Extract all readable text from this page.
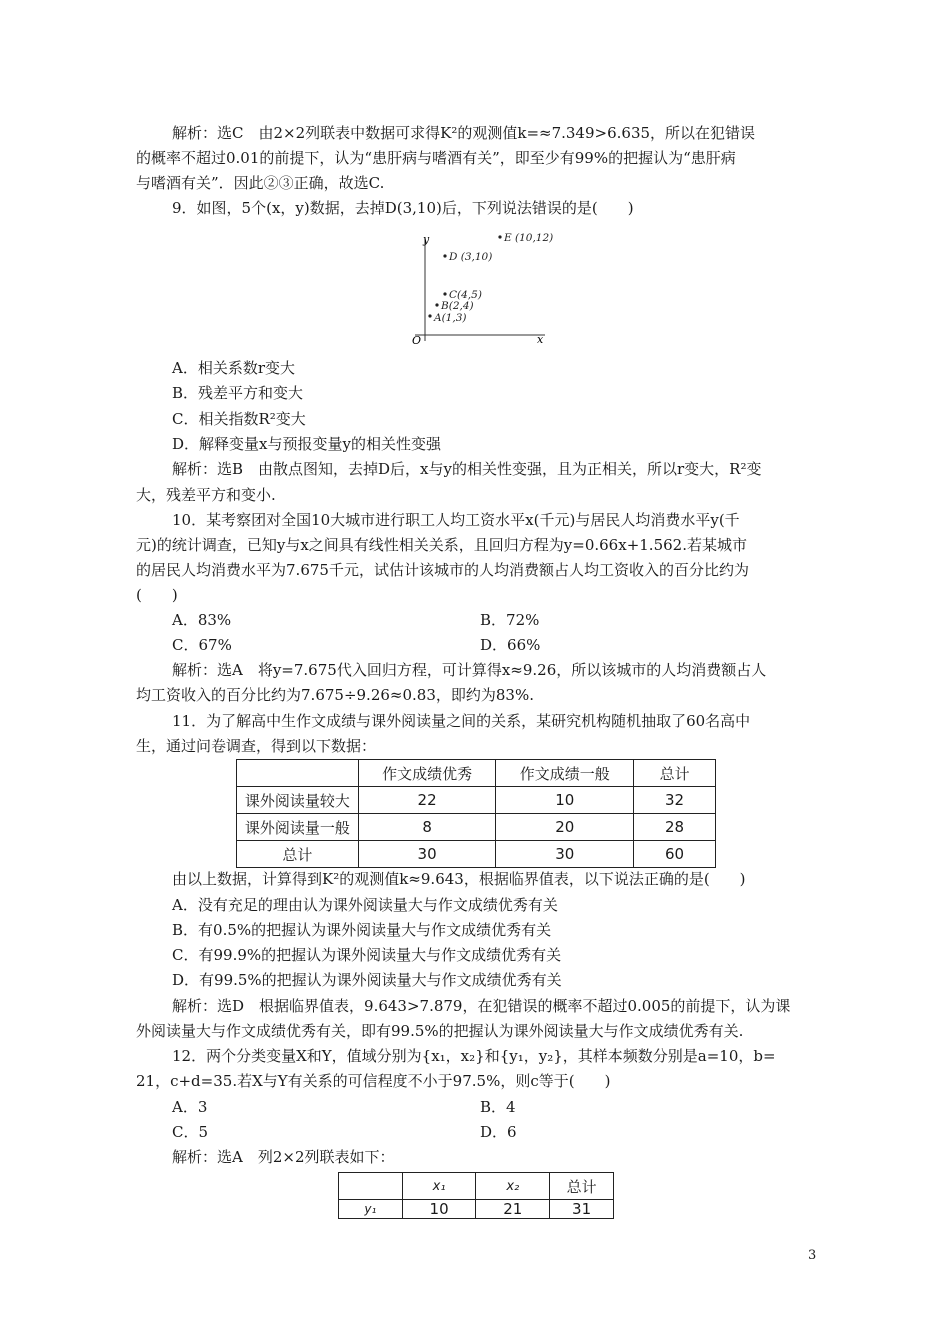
解析：选C　由2×2列联表中数据可求得K²的观测值k=≈7.349>6.635，所以在犯错误
的概率不超过0.01的前提下，认为“患肝病与嗜酒有关”，即至少有99%的把握认为“患肝病
与嗜酒有关”．因此②③正确，故选C.
9．如图，5个(x，y)数据，去掉D(3,10)后，下列说法错误的是(　　)
y
x
O
A(1,3)
B(2,4)
C(4,5)
D (3,10)
E (10,12)
A．相关系数r变大
B．残差平方和变大
C．相关指数R²变大
D．解释变量x与预报变量y的相关性变强
解析：选B　由散点图知，去掉D后，x与y的相关性变强，且为正相关，所以r变大，R²变
大，残差平方和变小.
10．某考察团对全国10大城市进行职工人均工资水平x(千元)与居民人均消费水平y(千
元)的统计调查，已知y与x之间具有线性相关关系，且回归方程为y=0.66x+1.562.若某城市
的居民人均消费水平为7.675千元，试估计该城市的人均消费额占人均工资收入的百分比约为
(　　)
A．83%	B．72%
C．67%	D．66%
解析：选A　将y=7.675代入回归方程，可计算得x≈9.26，所以该城市的人均消费额占人
均工资收入的百分比约为7.675÷9.26≈0.83，即约为83%.
11．为了解高中生作文成绩与课外阅读量之间的关系，某研究机构随机抽取了60名高中
生，通过问卷调查，得到以下数据：
	作文成绩优秀	作文成绩一般	总计
课外阅读量较大	22	10	32
课外阅读量一般	8	20	28
总计	30	30	60
由以上数据，计算得到K²的观测值k≈9.643，根据临界值表，以下说法正确的是(　　)
A．没有充足的理由认为课外阅读量大与作文成绩优秀有关
B．有0.5%的把握认为课外阅读量大与作文成绩优秀有关
C．有99.9%的把握认为课外阅读量大与作文成绩优秀有关
D．有99.5%的把握认为课外阅读量大与作文成绩优秀有关
解析：选D　根据临界值表，9.643>7.879，在犯错误的概率不超过0.005的前提下，认为课
外阅读量大与作文成绩优秀有关，即有99.5%的把握认为课外阅读量大与作文成绩优秀有关.
12．两个分类变量X和Y，值域分别为{x₁，x₂}和{y₁，y₂}，其样本频数分别是a=10，b=
21，c+d=35.若X与Y有关系的可信程度不小于97.5%，则c等于(　　)
A．3	B．4
C．5	D．6
解析：选A　列2×2列联表如下：
	x₁	x₂	总计
y₁	10	21	31
3
